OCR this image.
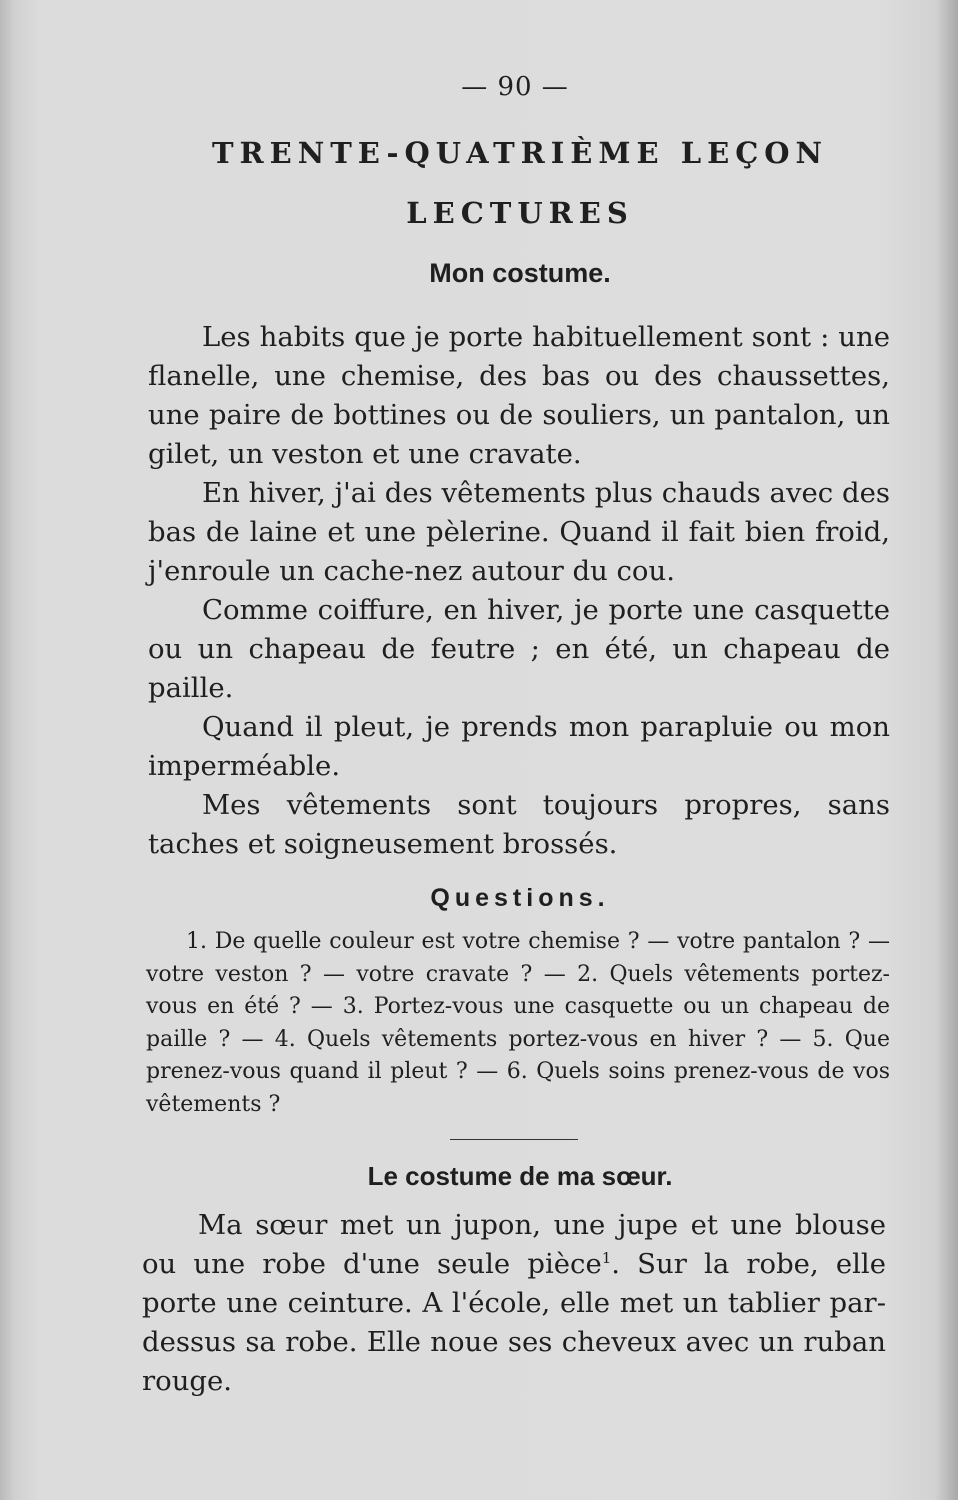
— 90 —
TRENTE-QUATRIÈME LEÇON
LECTURES
Mon costume.

Les habits que je porte habituellement sont : une flanelle, une chemise, des bas ou des chaussettes, une paire de bottines ou de souliers, un pantalon, un gilet, un veston et une cravate.

En hiver, j'ai des vêtements plus chauds avec des bas de laine et une pèlerine. Quand il fait bien froid, j'enroule un cache-nez autour du cou.

Comme coiffure, en hiver, je porte une casquette ou un chapeau de feutre ; en été, un chapeau de paille.

Quand il pleut, je prends mon parapluie ou mon imperméable.

Mes vêtements sont toujours propres, sans taches et soigneusement brossés.

Questions.
1. De quelle couleur est votre chemise ? — votre pantalon ? — votre veston ? — votre cravate ? — 2. Quels vêtements portez-vous en été ? — 3. Portez-vous une casquette ou un chapeau de paille ? — 4. Quels vêtements portez-vous en hiver ? — 5. Que prenez-vous quand il pleut ? — 6. Quels soins prenez-vous de vos vêtements ?
Le costume de ma sœur.
Ma sœur met un jupon, une jupe et une blouse ou une robe d'une seule pièce$^1$. Sur la robe, elle porte une ceinture. A l'école, elle met un tablier par-dessus sa robe. Elle noue ses cheveux avec un ruban rouge.
